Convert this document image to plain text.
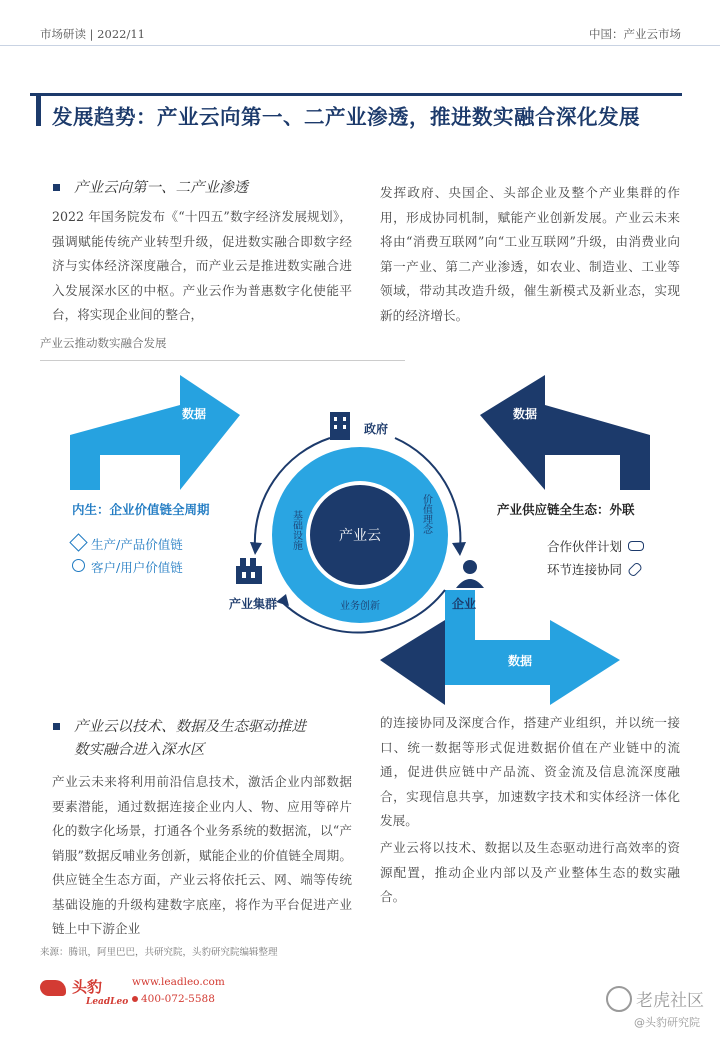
市场研读 | 2022/11	中国：产业云市场
发展趋势：产业云向第一、二产业渗透，推进数实融合深化发展
产业云向第一、二产业渗透
2022 年国务院发布《“十四五”数字经济发展规划》，强调赋能传统产业转型升级，促进数实融合即数字经济与实体经济深度融合，而产业云是推进数实融合进入发展深水区的中枢。产业云作为普惠数字化使能平台，将实现企业间的整合，
发挥政府、央国企、头部企业及整个产业集群的作用，形成协同机制，赋能产业创新发展。产业云未来将由“消费互联网”向“工业互联网”升级，由消费业向第一产业、第二产业渗透，如农业、制造业、工业等领域，带动其改造升级，催生新模式及新业态，实现新的经济增长。
产业云推动数实融合发展
数据	数据
数据	数据
产业云
基础设施	价值理念
业务创新
政府
产业集群	企业
内生：企业价值链全周期
生产/产品价值链
客户/用户价值链
产业供应链全生态：外联
合作伙伴计划
环节连接协同
产业云以技术、数据及生态驱动推进
数实融合进入深水区
产业云未来将利用前沿信息技术，激活企业内部数据要素潜能，通过数据连接企业内人、物、应用等碎片化的数字化场景，打通各个业务系统的数据流，以“产销服”数据反哺业务创新，赋能企业的价值链全周期。供应链全生态方面，产业云将依托云、网、端等传统基础设施的升级构建数字底座，将作为平台促进产业链上中下游企业
的连接协同及深度合作，搭建产业组织，并以统一接口、统一数据等形式促进数据价值在产业链中的流通，促进供应链中产品流、资金流及信息流深度融合，实现信息共享，加速数字技术和实体经济一体化发展。
产业云将以技术、数据以及生态驱动进行高效率的资源配置，推动企业内部以及产业整体生态的数实融合。
来源：腾讯，阿里巴巴，共研究院，头豹研究院编辑整理
头豹
LeadLeo
www.leadleo.com
400-072-5588	老虎社区
@头豹研究院
